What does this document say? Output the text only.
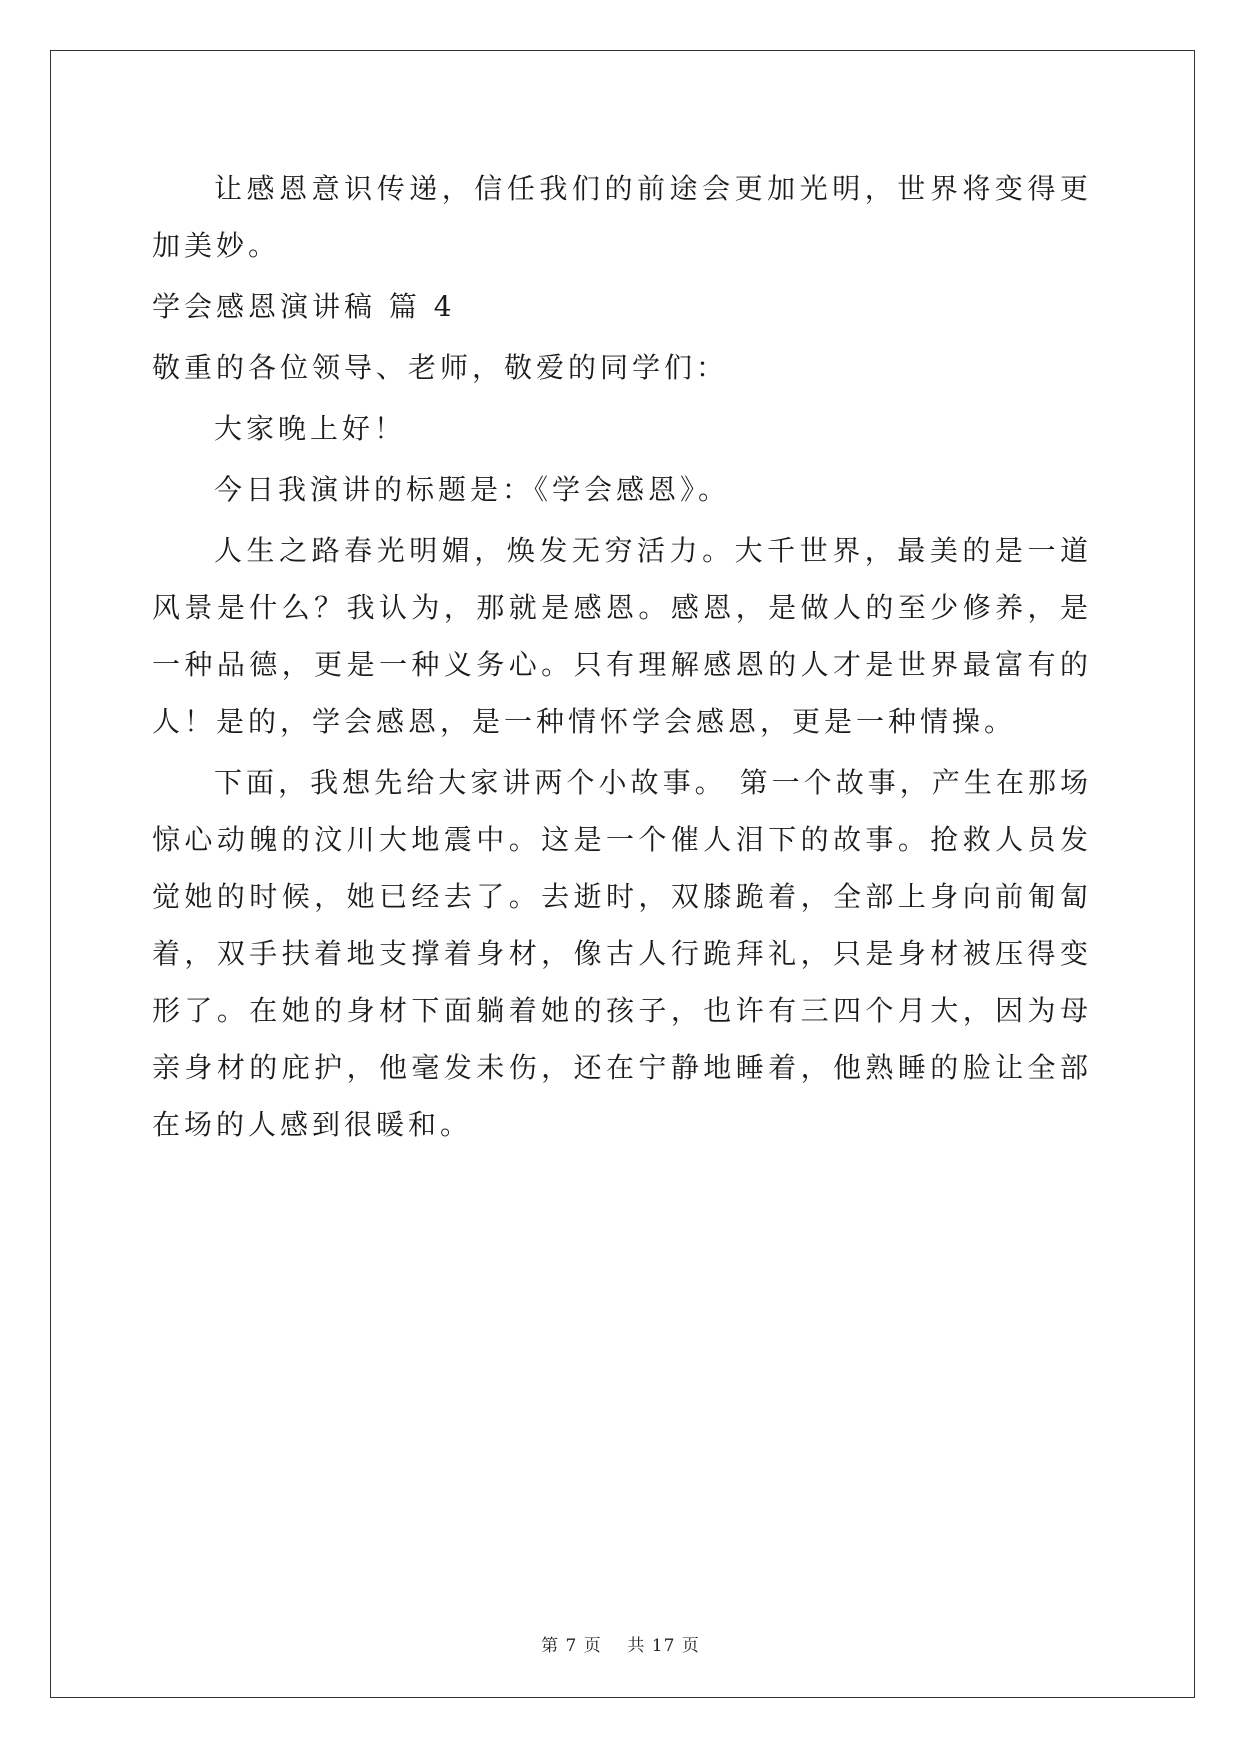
让感恩意识传递，信任我们的前途会更加光明，世界将变得更加美妙。

学会感恩演讲稿 篇 4

敬重的各位领导、老师，敬爱的同学们：

大家晚上好！

今日我演讲的标题是：《学会感恩》。

人生之路春光明媚，焕发无穷活力。大千世界，最美的是一道风景是什么？我认为，那就是感恩。感恩，是做人的至少修养，是一种品德，更是一种义务心。只有理解感恩的人才是世界最富有的人！是的，学会感恩，是一种情怀学会感恩，更是一种情操。

下面，我想先给大家讲两个小故事。 第一个故事，产生在那场惊心动魄的汶川大地震中。这是一个催人泪下的故事。抢救人员发觉她的时候，她已经去了。去逝时，双膝跪着，全部上身向前匍匐着，双手扶着地支撑着身材，像古人行跪拜礼，只是身材被压得变形了。在她的身材下面躺着她的孩子，也许有三四个月大，因为母亲身材的庇护，他毫发未伤，还在宁静地睡着，他熟睡的脸让全部在场的人感到很暖和。

第 7 页    共 17 页
